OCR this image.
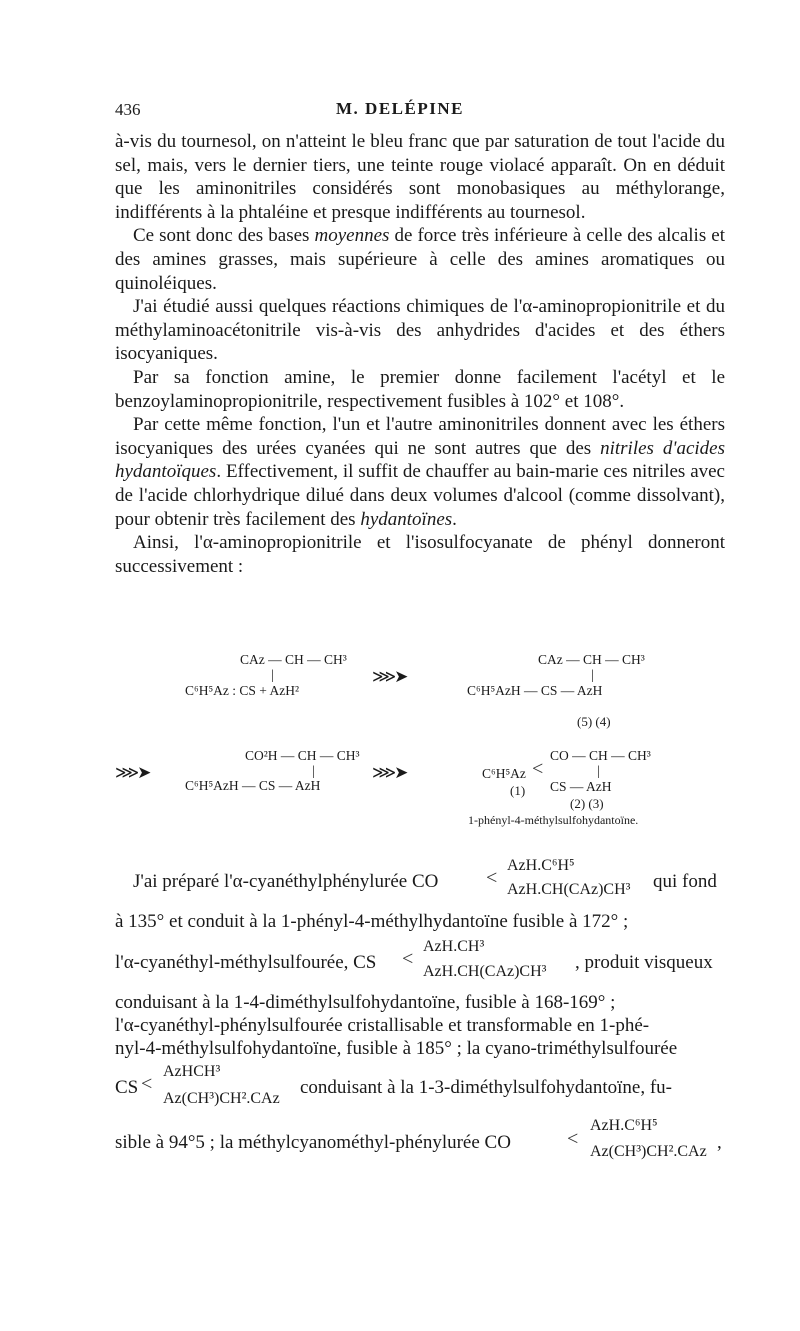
436	M. DELÉPINE

à-vis du tournesol, on n'atteint le bleu franc que par saturation de tout l'acide du sel, mais, vers le dernier tiers, une teinte rouge violacé apparaît. On en déduit que les aminonitriles considérés sont monobasiques au méthylorange, indifférents à la phtaléine et presque indifférents au tournesol.

Ce sont donc des bases moyennes de force très inférieure à celle des alcalis et des amines grasses, mais supérieure à celle des amines aromatiques ou quinoléiques.

J'ai étudié aussi quelques réactions chimiques de l'α-aminopropionitrile et du méthylaminoacétonitrile vis-à-vis des anhydrides d'acides et des éthers isocyaniques.

Par sa fonction amine, le premier donne facilement l'acétyl et le benzoylaminopropionitrile, respectivement fusibles à 102° et 108°.

Par cette même fonction, l'un et l'autre aminonitriles donnent avec les éthers isocyaniques des urées cyanées qui ne sont autres que des nitriles d'acides hydantoïques. Effectivement, il suffit de chauffer au bain-marie ces nitriles avec de l'acide chlorhydrique dilué dans deux volumes d'alcool (comme dissolvant), pour obtenir très facilement des hydantoïnes.

Ainsi, l'α-aminopropionitrile et l'isosulfocyanate de phényl donneront successivement :

CAz — CH — CH³
|
C⁶H⁵Az : CS + AzH²
⋙➤
CAz — CH — CH³
|
C⁶H⁵AzH — CS — AzH
(5) (4)
⋙➤
CO²H — CH — CH³
|
C⁶H⁵AzH — CS — AzH
⋙➤	C⁶H⁵Az <
CO — CH — CH³
|
CS — AzH
(1)
(2) (3)
1-phényl-4-méthylsulfohydantoïne.
J'ai préparé l'α-cyanéthylphénylurée CO <
AzH.C⁶H⁵
AzH.CH(CAz)CH³ qui fond
à 135° et conduit à la 1-phényl-4-méthylhydantoïne fusible à 172° ;
l'α-cyanéthyl-méthylsulfourée, CS <
AzH.CH³
AzH.CH(CAz)CH³ , produit visqueux
conduisant à la 1-4-diméthylsulfohydantoïne, fusible à 168-169° ;
l'α-cyanéthyl-phénylsulfourée cristallisable et transformable en 1-phé-
nyl-4-méthylsulfohydantoïne, fusible à 185° ; la cyano-triméthylsulfourée
CS <
AzHCH³
Az(CH³)CH².CAz
conduisant à la 1-3-diméthylsulfohydantoïne, fu-
sible à 94°5 ; la méthylcyanométhyl-phénylurée CO	<
AzH.C⁶H⁵
Az(CH³)CH².CAz ,
